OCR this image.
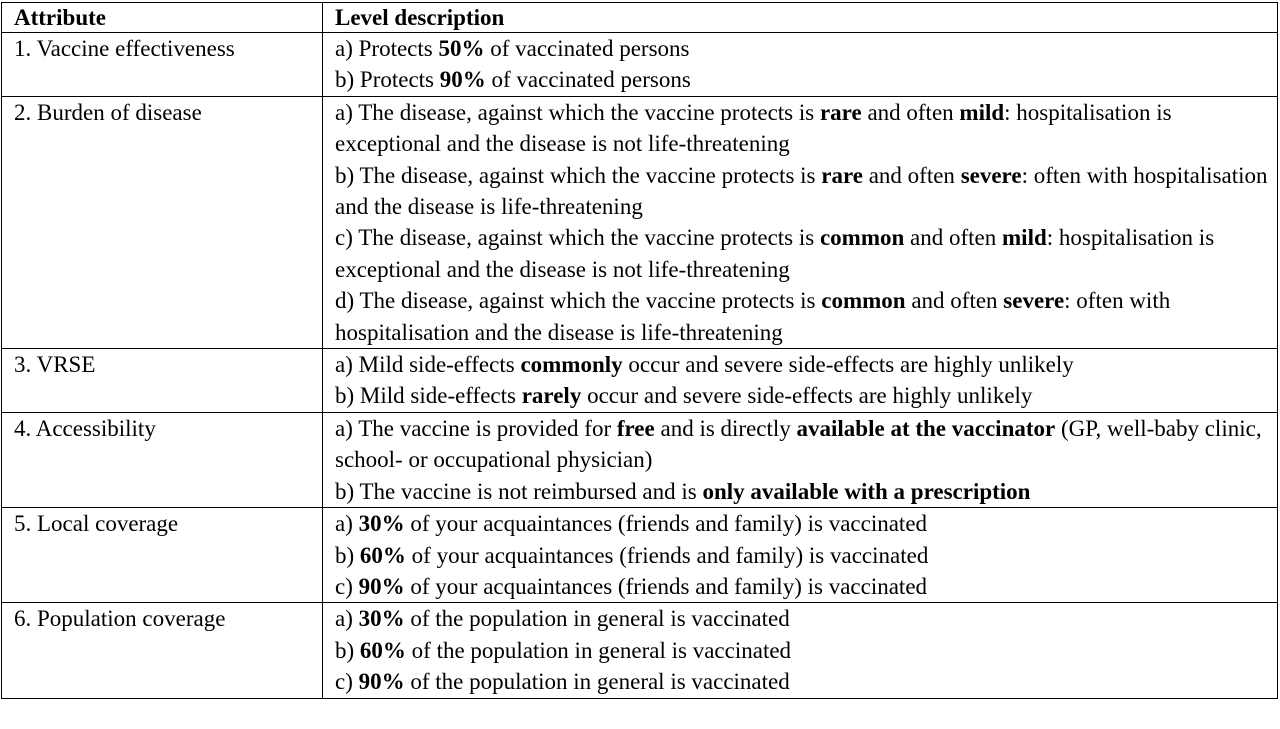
Attribute	Level description
1. Vaccine effectiveness	a) Protects 50% of vaccinated persons
b) Protects 90% of vaccinated persons

2. Burden of disease	a) The disease, against which the vaccine protects is rare and often mild: hospitalisation is exceptional and the disease is not life-threatening
b) The disease, against which the vaccine protects is rare and often severe: often with hospitalisation and the disease is life-threatening
c) The disease, against which the vaccine protects is common and often mild: hospitalisation is exceptional and the disease is not life-threatening
d) The disease, against which the vaccine protects is common and often severe: often with hospitalisation and the disease is life-threatening

3. VRSE	a) Mild side-effects commonly occur and severe side-effects are highly unlikely
b) Mild side-effects rarely occur and severe side-effects are highly unlikely

4. Accessibility	a) The vaccine is provided for free and is directly available at the vaccinator (GP, well-baby clinic, school- or occupational physician)
b) The vaccine is not reimbursed and is only available with a prescription

5. Local coverage	a) 30% of your acquaintances (friends and family) is vaccinated
b) 60% of your acquaintances (friends and family) is vaccinated
c) 90% of your acquaintances (friends and family) is vaccinated

6. Population coverage	a) 30% of the population in general is vaccinated
b) 60% of the population in general is vaccinated
c) 90% of the population in general is vaccinated
